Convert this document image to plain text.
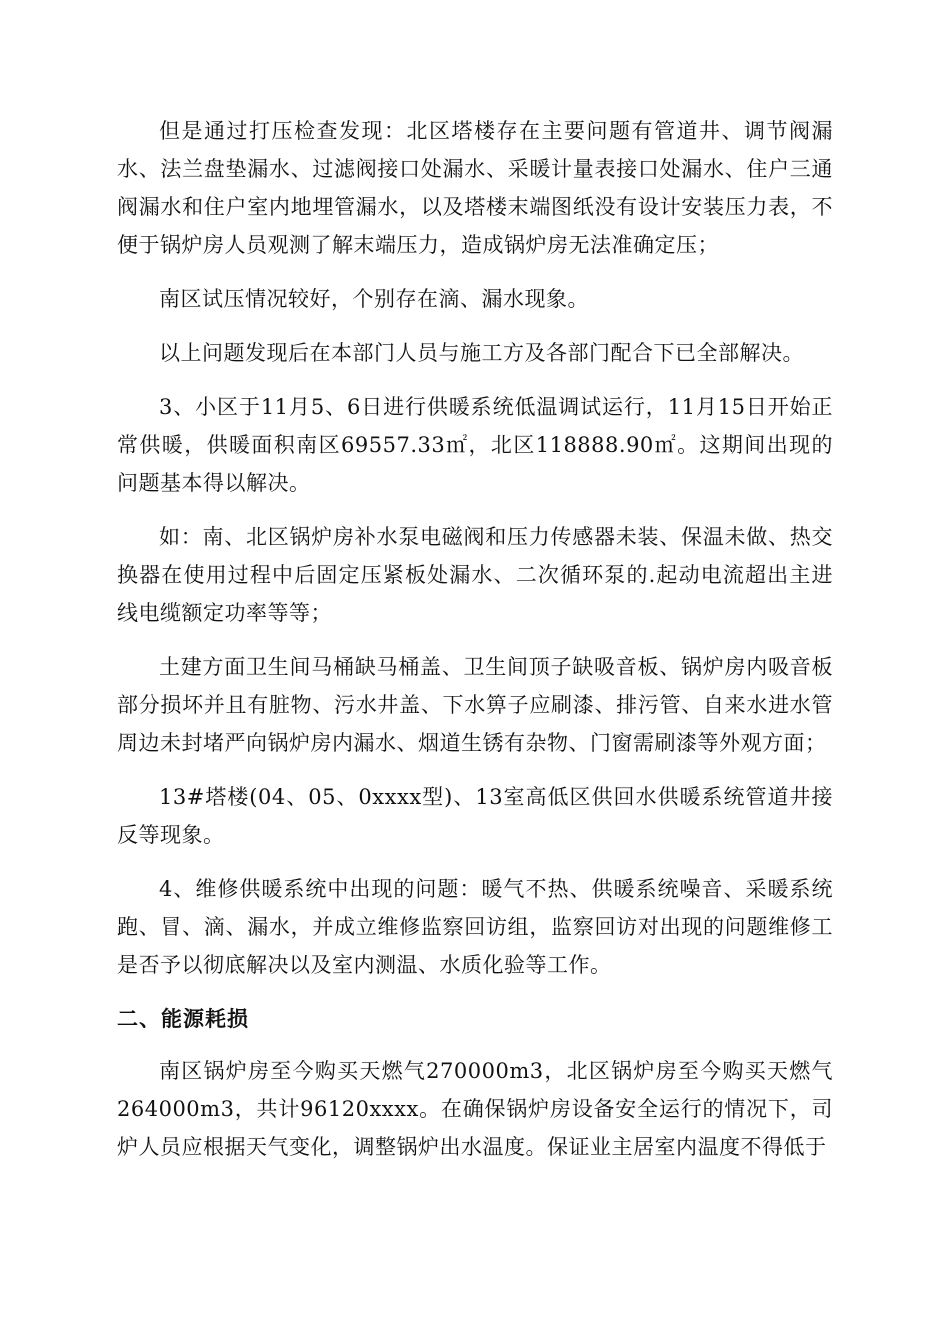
但是通过打压检查发现：北区塔楼存在主要问题有管道井、调节阀漏水、法兰盘垫漏水、过滤阀接口处漏水、采暖计量表接口处漏水、住户三通阀漏水和住户室内地埋管漏水，以及塔楼末端图纸没有设计安装压力表，不便于锅炉房人员观测了解末端压力，造成锅炉房无法准确定压；

南区试压情况较好，个别存在滴、漏水现象。

以上问题发现后在本部门人员与施工方及各部门配合下已全部解决。

3、小区于11月5、6日进行供暖系统低温调试运行，11月15日开始正常供暖，供暖面积南区69557.33㎡，北区118888.90㎡。这期间出现的问题基本得以解决。

如：南、北区锅炉房补水泵电磁阀和压力传感器未装、保温未做、热交换器在使用过程中后固定压紧板处漏水、二次循环泵的.起动电流超出主进线电缆额定功率等等；

土建方面卫生间马桶缺马桶盖、卫生间顶子缺吸音板、锅炉房内吸音板部分损坏并且有脏物、污水井盖、下水箅子应刷漆、排污管、自来水进水管周边未封堵严向锅炉房内漏水、烟道生锈有杂物、门窗需刷漆等外观方面；

13#塔楼(04、05、0xxxx型)、13室高低区供回水供暖系统管道井接反等现象。

4、维修供暖系统中出现的问题：暖气不热、供暖系统噪音、采暖系统跑、冒、滴、漏水，并成立维修监察回访组，监察回访对出现的问题维修工是否予以彻底解决以及室内测温、水质化验等工作。

二、能源耗损

南区锅炉房至今购买天燃气270000m3，北区锅炉房至今购买天燃气264000m3，共计96120xxxx。在确保锅炉房设备安全运行的情况下，司炉人员应根据天气变化，调整锅炉出水温度。保证业主居室内温度不得低于
